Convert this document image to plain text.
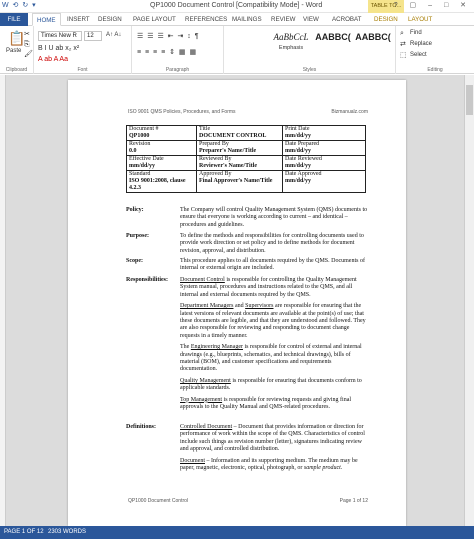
W ⟲ ↻ ▾	QP1000 Document Control [Compatibility Mode] - Word	TABLE TO...
? ▢ – □ ✕
FILE	HOME	INSERT DESIGN PAGE LAYOUT REFERENCES MAILINGS REVIEW VIEW ACROBAT DESIGN LAYOUT
📋
Paste
✂
⎘
🖌
Clipboard
Times New R	12	A↑ A↓
B I U ab x₂ x²
A ab A Aa
Font
☰ ☰ ☰ ⇤ ⇥ ↕ ¶
≡ ≡ ≡ ≡ ⇕ ▦ ▦
Paragraph
AaBbCcL
Emphasis
AABBC( AABBC(
Styles
⌕ Find
⇄ Replace
⬚ Select
Editing
ISO 9001 QMS Policies, Procedures, and Forms	Bizmanualz.com
Document #
QP1000	Title
DOCUMENT CONTROL	Print Date
mm/dd/yy

Revision
0.0	Prepared By
Preparer's Name/Title	Date Prepared
mm/dd/yy

Effective Date
mm/dd/yy	Reviewed By
Reviewer's Name/Title	Date Reviewed
mm/dd/yy

Standard
ISO 9001:2008, clause 4.2.3	Approved By
Final Approver's Name/Title	Date Approved
mm/dd/yy
Policy:	The Company will control Quality Management System (QMS) documents to ensure that everyone is working according to current – and identical – procedures and guidelines.
Purpose:	To define the methods and responsibilities for controlling documents used to provide work direction or set policy and to define methods for document revision, approval, and distribution.
Scope:	This procedure applies to all documents required by the QMS. Documents of internal or external origin are included.
Responsibilities:	Document Control is responsible for controlling the Quality Management System manual, procedures and instructions related to the QMS, and all internal and external documents required by the QMS.

Department Managers and Supervisors are responsible for ensuring that the latest versions of relevant documents are available at the point(s) of use; that these documents are legible, and that they are understood and followed. They are also responsible for reviewing and responding to document change requests in a timely manner.

The Engineering Manager is responsible for control of external and internal drawings (e.g., blueprints, schematics, and technical drawings), bills of material (BOM), and customer specifications and requirements documentation.

Quality Management is responsible for ensuring that documents conform to applicable standards.

Top Management is responsible for reviewing requests and giving final approvals to the Quality Manual and QMS-related procedures.

Definitions:	Controlled Document – Document that provides information or direction for performance of work within the scope of the QMS. Characteristics of control include such things as revision number (letter), signatures indicating review and approval, and controlled distribution.

Document – Information and its supporting medium. The medium may be paper, magnetic, electronic, optical, photograph, or sample product.

QP1000 Document Control	Page 1 of 12
PAGE 1 OF 12 2303 WORDS
